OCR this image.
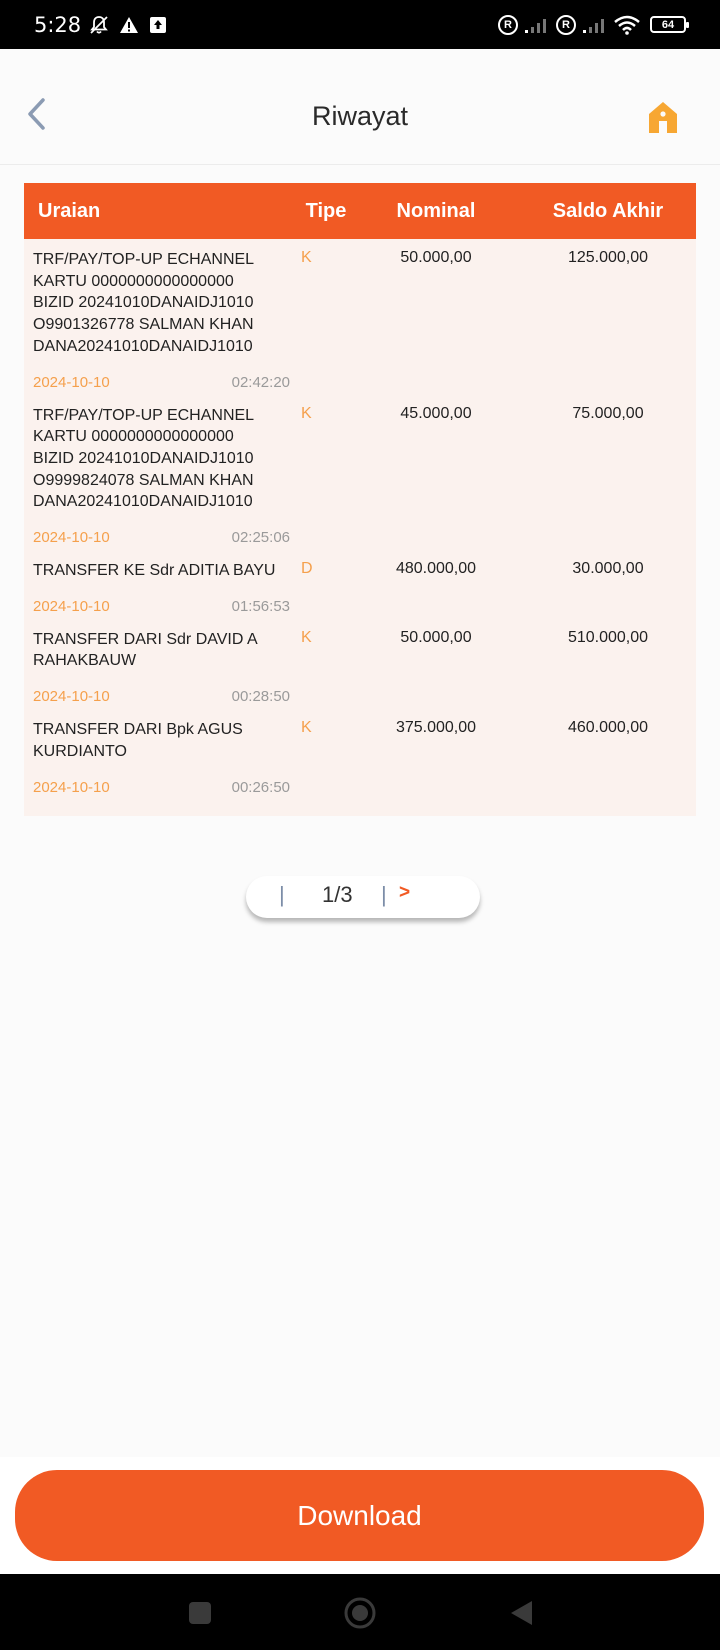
5:28	R	R	64
Riwayat
Uraian	Tipe	Nominal	Saldo Akhir
TRF/PAY/TOP-UP ECHANNEL
KARTU 0000000000000000
BIZID 20241010DANAIDJ1010
O9901326778 SALMAN KHAN
DANA20241010DANAIDJ1010
2024-10-10	02:42:20
K	50.000,00	125.000,00
TRF/PAY/TOP-UP ECHANNEL
KARTU 0000000000000000
BIZID 20241010DANAIDJ1010
O9999824078 SALMAN KHAN
DANA20241010DANAIDJ1010
2024-10-10	02:25:06
K	45.000,00	75.000,00
TRANSFER KE Sdr ADITIA BAYU
2024-10-10	01:56:53
D	480.000,00	30.000,00
TRANSFER DARI Sdr DAVID A
RAHAKBAUW
2024-10-10	00:28:50
K	50.000,00	510.000,00
TRANSFER DARI Bpk AGUS
KURDIANTO
2024-10-10	00:26:50
K	375.000,00	460.000,00
| 1/3 | >
Download
